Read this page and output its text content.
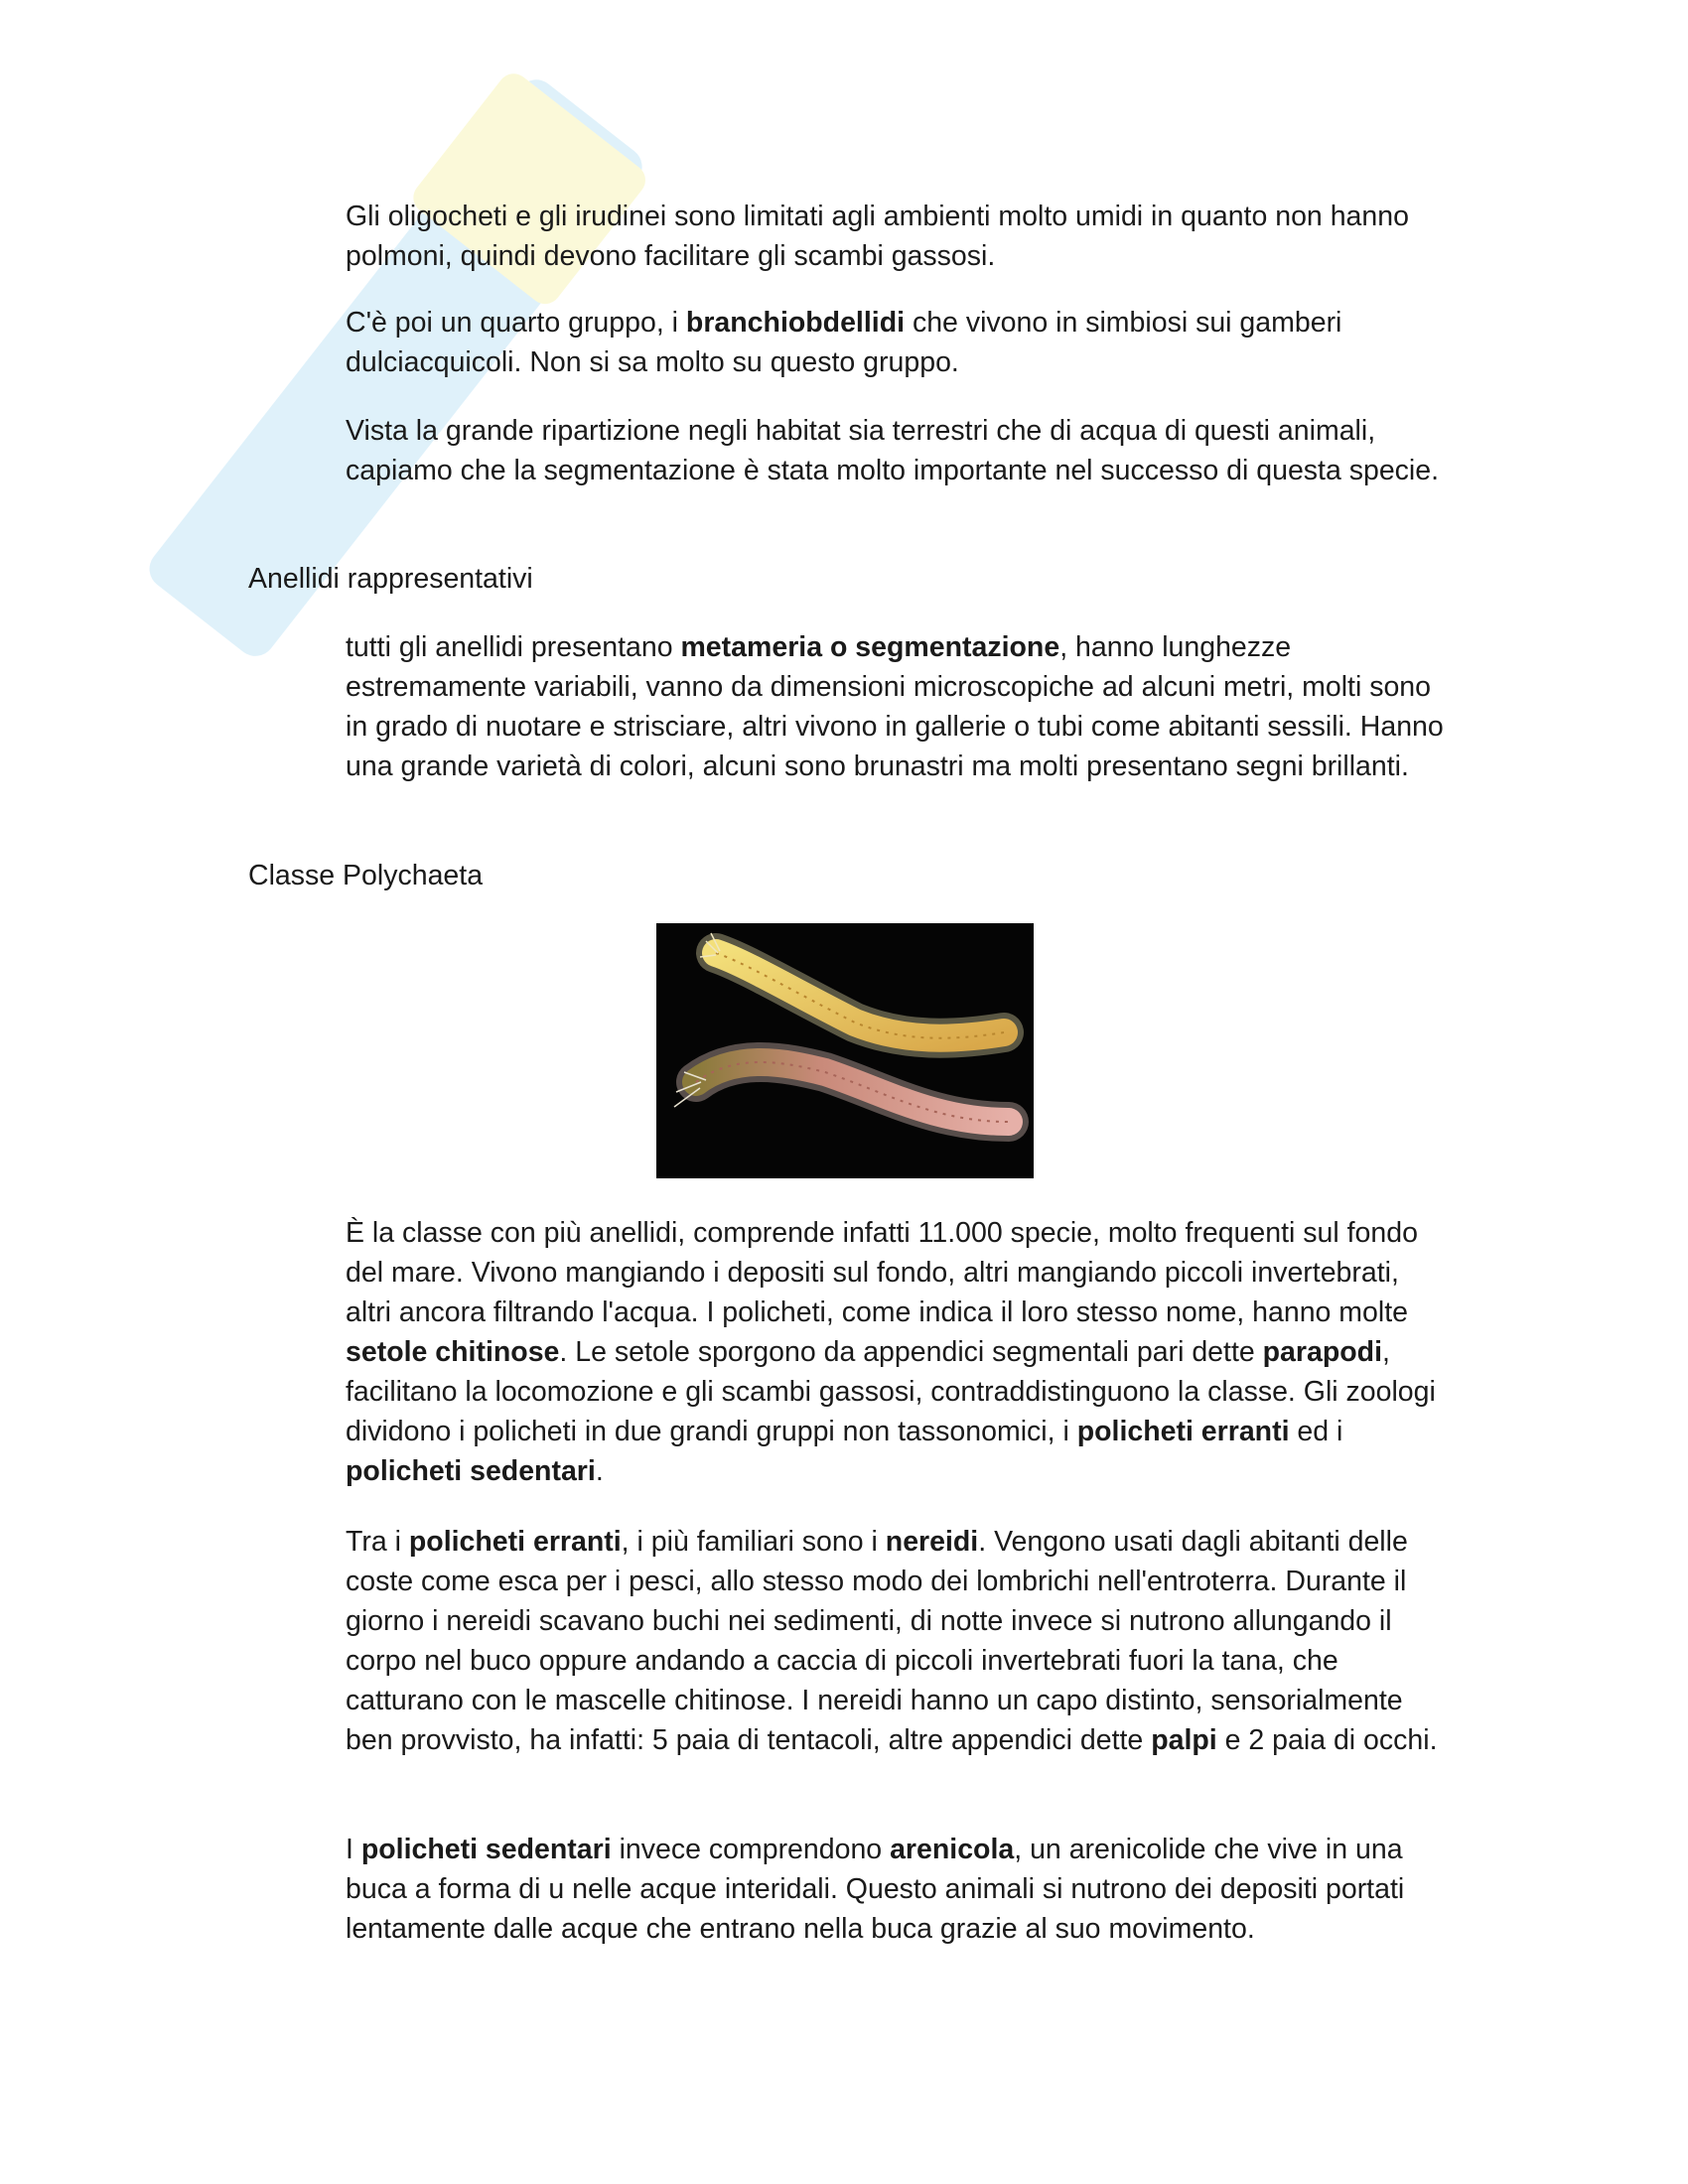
Gli oligocheti e gli irudinei sono limitati agli ambienti molto umidi in quanto non hanno polmoni, quindi devono facilitare gli scambi gassosi.

C'è poi un quarto gruppo, i branchiobdellidi che vivono in simbiosi sui gamberi dulciacquicoli. Non si sa molto su questo gruppo.

Vista la grande ripartizione negli habitat sia terrestri che di acqua di questi animali, capiamo che la segmentazione è stata molto importante nel successo di questa specie.

Anellidi rappresentativi

tutti gli anellidi presentano metameria o segmentazione, hanno lunghezze estremamente variabili, vanno da dimensioni microscopiche ad alcuni metri, molti sono in grado di nuotare e strisciare, altri vivono in gallerie o tubi come abitanti sessili. Hanno una grande varietà di colori, alcuni sono brunastri ma molti presentano segni brillanti.

Classe Polychaeta

È la classe con più anellidi, comprende infatti 11.000 specie, molto frequenti sul fondo del mare. Vivono mangiando i depositi sul fondo, altri mangiando piccoli invertebrati, altri ancora filtrando l'acqua. I policheti, come indica il loro stesso nome, hanno molte setole chitinose. Le setole sporgono da appendici segmentali pari dette parapodi, facilitano la locomozione e gli scambi gassosi, contraddistinguono la classe. Gli zoologi dividono i policheti in due grandi gruppi non tassonomici, i policheti erranti ed i policheti sedentari.

Tra i policheti erranti, i più familiari sono i nereidi. Vengono usati dagli abitanti delle coste come esca per i pesci, allo stesso modo dei lombrichi nell'entroterra. Durante il giorno i nereidi scavano buchi nei sedimenti, di notte invece si nutrono allungando il corpo nel buco oppure andando a caccia di piccoli invertebrati fuori la tana, che catturano con le mascelle chitinose. I nereidi hanno un capo distinto, sensorialmente ben provvisto, ha infatti: 5 paia di tentacoli, altre appendici dette palpi e 2 paia di occhi.

I policheti sedentari invece comprendono arenicola, un arenicolide che vive in una buca a forma di u nelle acque interidali. Questo animali si nutrono dei depositi portati lentamente dalle acque che entrano nella buca grazie al suo movimento.
